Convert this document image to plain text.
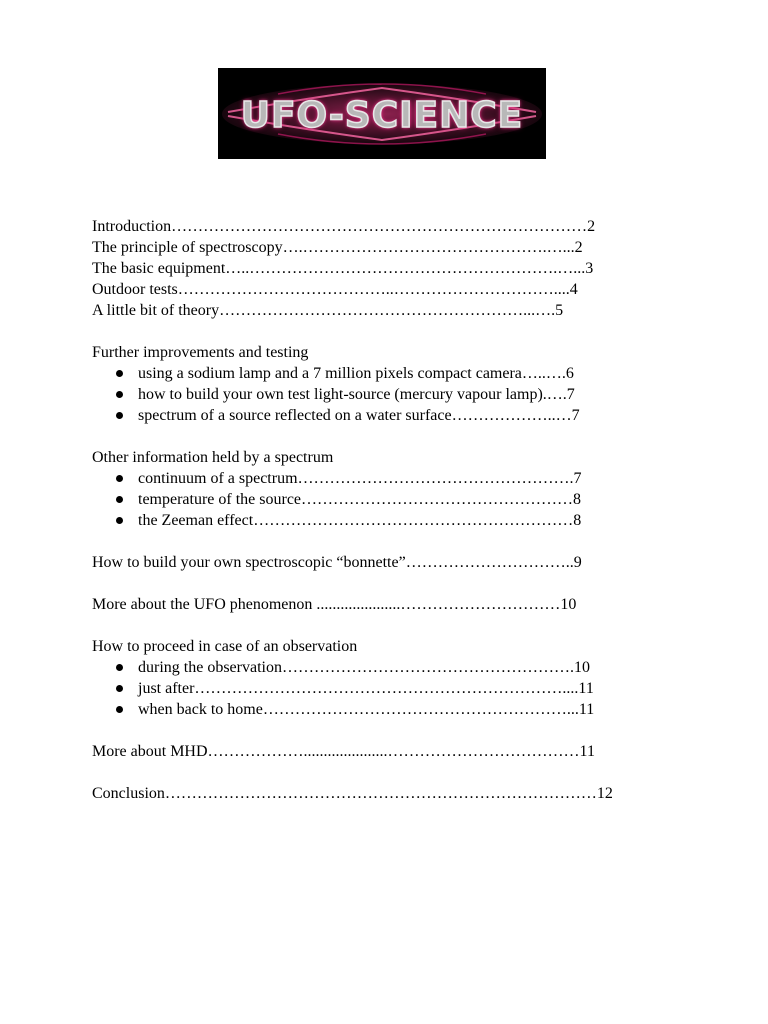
UFO-SCIENCE
Introduction……………………………………………………………………2
The principle of spectroscopy….……………………………………….…...2
The basic equipment…..………………………………………………….…...3
Outdoor tests…………………………………..…………………………....4
A little bit of theory…………………………………………………...….5
Further improvements and testing
using a sodium lamp and a 7 million pixels compact camera…..….6
how to build your own test light-source (mercury vapour lamp).….7
spectrum of a source reflected on a water surface………………..…7
Other information held by a spectrum
continuum of a spectrum…………………………………………….7
temperature of the source……………………………………………8
the Zeeman effect……………………………………………………8
How to build your own spectroscopic “bonnette”…………………………..9
More about the UFO phenomenon .....................…………………………10
How to proceed in case of an observation
during the observation……………………………………………….10
just after……………………………………………………………....11
when back to home…………………………………………………...11
More about MHD……………….....................………………………………11
Conclusion………………………………………………………………………12
